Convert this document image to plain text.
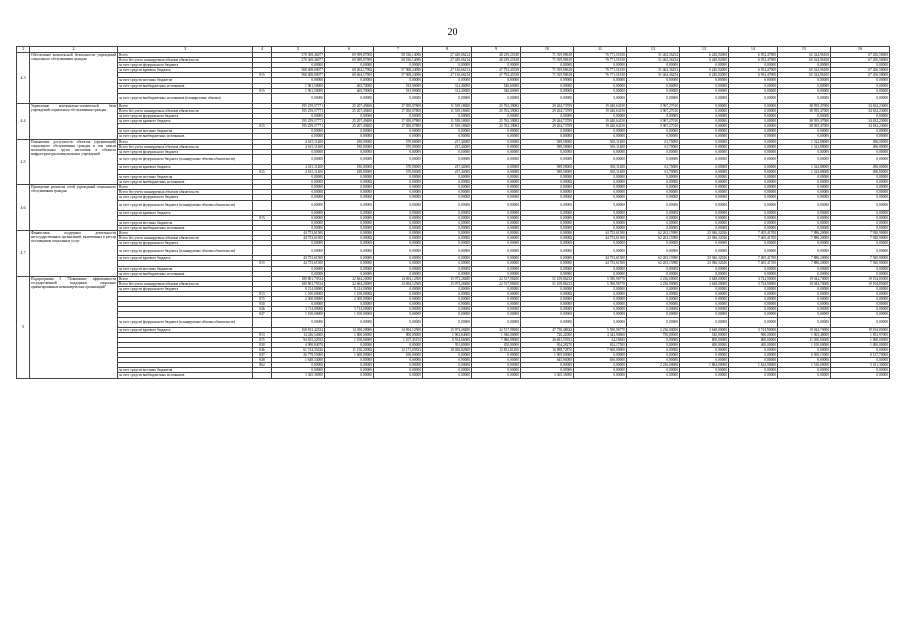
20
1	2	3	4	5	6	7	8	9	10	11	12	13	14	15	16
4.3	Обеспечение комплексной безопасности учреждений социального обслуживания граждан	Всего		570 369,46077	69 099,87900	58 536,14096	27 449,06214	48 239,25338	71 919,98618	76 771,51810	51 462,36254	6 240,02000	6 952,47900	65 324,96100	67 456,58000
		Всего без учета планируемых объемов обязательств		570 369,46077	69 099,87900	58 536,14096	27 449,06214	48 239,25338	71 919,98618	76 771,51810	51 462,36254	6 240,02000	6 952,47900	65 324,96100	67 456,58000
		за счет средств федерального бюджета		0,00000	0,00000	0,00000	0,00000	0,00000	0,00000	0,00000	0,00000	0,00000	0,00000	0,00000	0,00000
		за счет средств краевого бюджета		568 408,00077	69 464,17900	57 968,24096	27 136,66214	47 792,45338	71 919,98618	76 771,51810	51 462,36254	6 240,02000	6 952,47900	65 324,96100	67 456,58000
			815	568 408,00077	69 464,17900	57 968,24096	27 136,66214	47 792,45338	71 919,98618	76 771,51810	51 462,36254	6 240,02000	6 952,47900	65 324,96100	67 456,58000
		за счет средств местных бюджетов		0,00000	0,00000	0,00000	0,00000	0,00000	0,00000	0,00000	0,00000	0,00000	0,00000	0,00000	0,00000
		за счет средств внебюджетных источников		1 961,50000	465,70000	535,90000	312,40000	546,60000	0,00000	0,00000	0,00000	0,00000	0,00000	0,00000	0,00000
			815	1 961,50000	465,70000	535,90000	312,40000	546,60000	0,00000	0,00000	0,00000	0,00000	0,00000	0,00000	0,00000
		за счет средств внебюджетных источников (планируемые объемы)		0,00000	0,00000	0,00000	0,00000	0,00000	0,00000	0,00000	0,00000	0,00000	0,00000	0,00000	0,00000
4.4	Укрепление материально-технической базы учреждений социального обслуживания граждан	Всего		195 259,57771	25 207,49400	17 050,07800	11 539,18600	25 762,39082	29 264,73709	19 440,64150	3 967,27010	0,00000	0,00000	38 595,47000	34 632,23000
		Всего без учета планируемых объемов обязательств		195 259,57771	25 207,49400	17 050,07800	11 539,18600	25 762,39082	29 264,73709	19 440,64150	3 967,27010	0,00000	0,00000	38 595,47000	34 632,23000
		за счет средств федерального бюджета		0,00000	0,00000	0,00000	0,00000	0,00000	0,00000	0,00000	0,00000	0,00000	0,00000	0,00000	0,00000
		за счет средств краевого бюджета		195 259,57771	25 207,49400	17 050,07800	11 539,18600	25 762,39082	29 264,73709	19 440,64150	3 967,27010	0,00000	0,00000	38 595,47000	34 632,23000
			815	195 259,57771	25 207,49400	17 050,07800	11 539,18600	25 762,39082	29 264,73709	19 440,64150	3 967,27010	0,00000	0,00000	38 595,47000	34 632,23000
		за счет средств местных бюджетов		0,00000	0,00000	0,00000	0,00000	0,00000	0,00000	0,00000	0,00000	0,00000	0,00000	0,00000	0,00000
		за счет средств внебюджетных источников		0,00000	0,00000	0,00000	0,00000	0,00000	0,00000	0,00000	0,00000	0,00000	0,00000	0,00000	0,00000
4.5	Повышение доступности объектов (организаций) социального обслуживания граждан и тем самым маломобильных групп населения в объектах инфраструктуры коммунальных учреждений	Всего		4 615,11400	180,00000	570,00000	237,44000	0,00000	589,58000	565,11400	61,70000	0,00000	0,00000	1 324,88000	496,00000
		Всего без учета планируемых объемов обязательств		4 615,11400	180,00000	570,00000	237,44000	0,00000	589,58000	565,11400	61,70000	0,00000	0,00000	1 324,88000	496,00000
		за счет средств федерального бюджета		0,00000	0,00000	0,00000	0,00000	0,00000	0,00000	0,00000	0,00000	0,00000	0,00000	0,00000	0,00000
		за счет средств федерального бюджета (планируемые объемы обязательств)		0,00000	0,00000	0,00000	0,00000	0,00000	0,00000	0,00000	0,00000	0,00000	0,00000	0,00000	0,00000
		за счет средств краевого бюджета		4 615,11400	180,00000	570,00000	237,44000	0,00000	589,58000	565,11400	61,70000	0,00000	0,00000	1 324,88000	496,00000
			815	4 615,11400	180,00000	570,00000	237,44000	0,00000	589,58000	565,11400	61,70000	0,00000	0,00000	1 324,88000	496,00000
		за счет средств местных бюджетов		0,00000	0,00000	0,00000	0,00000	0,00000	0,00000	0,00000	0,00000	0,00000	0,00000	0,00000	0,00000
		за счет средств внебюджетных источников		0,00000	0,00000	0,00000	0,00000	0,00000	0,00000	0,00000	0,00000	0,00000	0,00000	0,00000	0,00000
4.6	Проведение ремонтов сетей учреждений социального обслуживания граждан	Всего		0,00000	0,00000	0,00000	0,00000	0,00000	0,00000	0,00000	0,00000	0,00000	0,00000	0,00000	0,00000
		Всего без учета планируемых объемов обязательств		0,00000	0,00000	0,00000	0,00000	0,00000	0,00000	0,00000	0,00000	0,00000	0,00000	0,00000	0,00000
		за счет средств федерального бюджета		0,00000	0,00000	0,00000	0,00000	0,00000	0,00000	0,00000	0,00000	0,00000	0,00000	0,00000	0,00000
		за счет средств федерального бюджета (планируемые объемы обязательств)		0,00000	0,00000	0,00000	0,00000	0,00000	0,00000	0,00000	0,00000	0,00000	0,00000	0,00000	0,00000
		за счет средств краевого бюджета		0,00000	0,00000	0,00000	0,00000	0,00000	0,00000	0,00000	0,00000	0,00000	0,00000	0,00000	0,00000
			815	0,00000	0,00000	0,00000	0,00000	0,00000	0,00000	0,00000	0,00000	0,00000	0,00000	0,00000	0,00000
		за счет средств местных бюджетов		0,00000	0,00000	0,00000	0,00000	0,00000	0,00000	0,00000	0,00000	0,00000	0,00000	0,00000	0,00000
		за счет средств внебюджетных источников		0,00000	0,00000	0,00000	0,00000	0,00000	0,00000	0,00000	0,00000	0,00000	0,00000	0,00000	0,00000
4.7	Финансовая поддержка деятельности негосударственных организаций, включенных в реестр поставщиков социальных услуг	Всего		44 753,61500	0,00000	0,00000	0,00000	0,00000	0,00000	44 753,61500	62 263,15980	23 946,32026	7 405,41700	7 886,20000	7 920,90000
		Всего без учета планируемых объемов обязательств		44 753,61500	0,00000	0,00000	0,00000	0,00000	0,00000	44 753,61500	62 263,15980	23 946,32026	7 405,41700	7 886,20000	7 920,90000
		за счет средств федерального бюджета		0,00000	0,00000	0,00000	0,00000	0,00000	0,00000	0,00000	0,00000	0,00000	0,00000	0,00000	0,00000
		за счет средств федерального бюджета (планируемые объемы обязательств)		0,00000	0,00000	0,00000	0,00000	0,00000	0,00000	0,00000	0,00000	0,00000	0,00000	0,00000	0,00000
		за счет средств краевого бюджета		44 753,61500	0,00000	0,00000	0,00000	0,00000	0,00000	44 753,61500	62 263,15980	23 946,32026	7 405,41700	7 886,20000	7 920,90000
			815	44 753,61500	0,00000	0,00000	0,00000	0,00000	0,00000	44 753,61500	62 263,15980	23 946,32026	7 405,41700	7 886,20000	7 920,90000
		за счет средств местных бюджетов		0,00000	0,00000	0,00000	0,00000	0,00000	0,00000	0,00000	0,00000	0,00000	0,00000	0,00000	0,00000
		за счет средств внебюджетных источников		0,00000	0,00000	0,00000	0,00000	0,00000	0,00000	0,00000	0,00000	0,00000	0,00000	0,00000	0,00000
5	Подпрограмма 5 "Повышение эффективности государственной поддержки социально ориентированных некоммерческих организаций"	Всего		180 801,79334	22 664,20000	14 694,12500	15 973,28480	22 517,98200	51 109,86232	5 590,96770	2 236,00000	3 648,00000	3 724,90000	19 044,70000	19 194,85000
		Всего без учета планируемых объемов обязательств		180 801,79334	22 664,20000	14 694,12500	15 973,28480	22 517,98200	51 109,86232	5 590,96770	2 236,00000	3 648,00000	3 724,90000	19 044,70000	19 194,85000
		за счет средств федерального бюджета		8 214,00000	8 214,00000	0,00000	0,00000	0,00000	0,00000	0,00000	0,00000	0,00000	0,00000	0,00000	0,00000
			813	1 100,00000	1 100,00000	0,00000	0,00000	0,00000	0,00000	0,00000	0,00000	0,00000	0,00000	0,00000	0,00000
			815	2 300,00000	2 300,00000	0,00000	0,00000	0,00000	0,00000	0,00000	0,00000	0,00000	0,00000	0,00000	0,00000
			830	0,00000	0,00000	0,00000	0,00000	0,00000	0,00000	0,00000	0,00000	0,00000	0,00000	0,00000	0,00000
			846	3 714,00000	3 714,00000	0,00000	0,00000	0,00000	0,00000	0,00000	0,00000	0,00000	0,00000	0,00000	0,00000
			847	1 100,00000	1 100,00000	0,00000	0,00000	0,00000	0,00000	0,00000	0,00000	0,00000	0,00000	0,00000	0,00000
		за счет средств федерального бюджета (планируемые объемы обязательств)		0,00000	0,00000	0,00000	0,00000	0,00000	0,00000	0,00000	0,00000	0,00000	0,00000	0,00000	0,00000
		за счет средств краевого бюджета		168 812,42334	14 450,20000	14 694,12500	15 973,28480	22 517,98200	47 738,48632	5 590,96770	2 236,00000	3 648,00000	3 724,90000	19 044,70000	19 194,85000
			813	14 246,54000	1 800,00000	800,00000	1 963,84000	1 946,00000	726,22000	4 342,90000	750,00000	540,00000	900,00000	1 063,48000	1 833,97000
			815	94 655,22932	1 100,00000	1 107,45155	8 554,66000	7 986,99000	26 691,55932	62,19845	0,00000	800,00000	800,00000	11 050,00000	1 900,00000
			830	4 900,84070	0,00000	0,00000	391,80000	450,00000	304,28270	652,17500	0,00000	400,00000	400,00000	1 100,00000	1 000,00000
			846	61 744,35426	11 150,20000	12 171,05833	10 036,82600	12 831,81200	16 888,72870	7 600,00000	0,00000	0,00000	0,00000	0,00000	0,00000
			847	26 779,55000	1 600,00000	106,00000	0,00000	0,00000	1 905,00000	0,00000	0,00000	0,00000	0,00000	6 506,15000	8 517,70000
			848	1 648,34000	0,00000	0,00000	0,00000	0,00000	645,96000	650,00000	0,00000	0,00000	0,00000	0,00000	0,00000
			862	0,00000	0,00000	0,00000	0,00000	0,00000	0,00000	0,00000	2 236,00000	1 884,00000	1 624,90000	1 516,00000	5 011,30000
		за счет средств местных бюджетов		0,00000	0,00000	0,00000	0,00000	0,00000	0,00000	0,00000	0,00000	0,00000	0,00000	0,00000	0,00000
		за счет средств внебюджетных источников		3 365,36900	0,00000	0,00000	0,00000	0,00000	3 365,36900	0,00000	0,00000	0,00000	0,00000	0,00000	0,00000
